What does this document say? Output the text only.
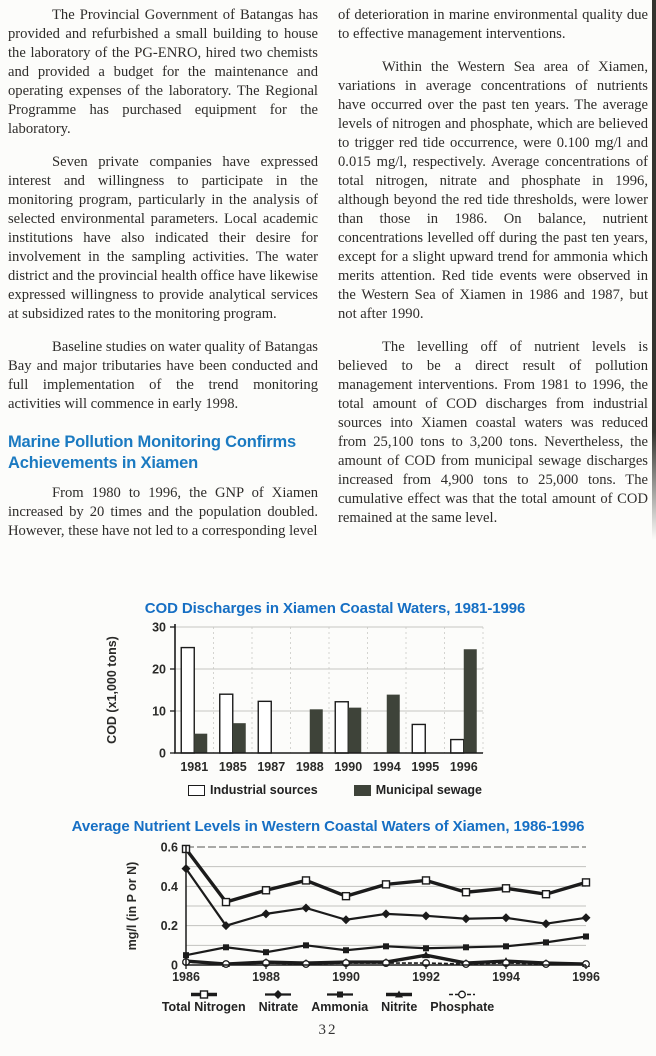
The Provincial Government of Batangas has provided and refurbished a small building to house the laboratory of the PG-ENRO, hired two chemists and provided a budget for the maintenance and operating expenses of the laboratory. The Regional Programme has purchased equipment for the laboratory.

Seven private companies have expressed interest and willingness to participate in the monitoring program, particularly in the analysis of selected environmental parameters. Local academic institutions have also indicated their desire for involvement in the sampling activities. The water district and the provincial health office have likewise expressed willingness to provide analytical services at subsidized rates to the monitoring program.

Baseline studies on water quality of Batangas Bay and major tributaries have been conducted and full implementation of the trend monitoring activities will commence in early 1998.

Marine Pollution Monitoring Confirms Achievements in Xiamen

From 1980 to 1996, the GNP of Xiamen increased by 20 times and the population doubled. However, these have not led to a corresponding level

of deterioration in marine environmental quality due to effective management interventions.

Within the Western Sea area of Xiamen, variations in average concentrations of nutrients have occurred over the past ten years. The average levels of nitrogen and phosphate, which are believed to trigger red tide occurrence, were 0.100 mg/l and 0.015 mg/l, respectively. Average concentrations of total nitrogen, nitrate and phosphate in 1996, although beyond the red tide thresholds, were lower than those in 1986. On balance, nutrient concentrations levelled off during the past ten years, except for a slight upward trend for ammonia which merits attention. Red tide events were observed in the Western Sea of Xiamen in 1986 and 1987, but not after 1990.

The levelling off of nutrient levels is believed to be a direct result of pollution management interventions. From 1981 to 1996, the total amount of COD discharges from industrial sources into Xiamen coastal waters was reduced from 25,100 tons to 3,200 tons. Nevertheless, the amount of COD from municipal sewage discharges increased from 4,900 tons to 25,000 tons. The cumulative effect was that the total amount of COD remained at the same level.

COD Discharges in Xiamen Coastal Waters, 1981-1996
1981 1985 1987 1988 1990 1994 1995 1996
0
10
20
30
COD (x1,000 tons)
Industrial sources	Municipal sewage
Average Nutrient Levels in Western Coastal Waters of Xiamen, 1986-1996
0
0.2
0.4
0.6
1986	1988	1990	1992	1994	1996
mg/l (in P or N)
Total Nitrogen Nitrate Ammonia Nitrite Phosphate
32
